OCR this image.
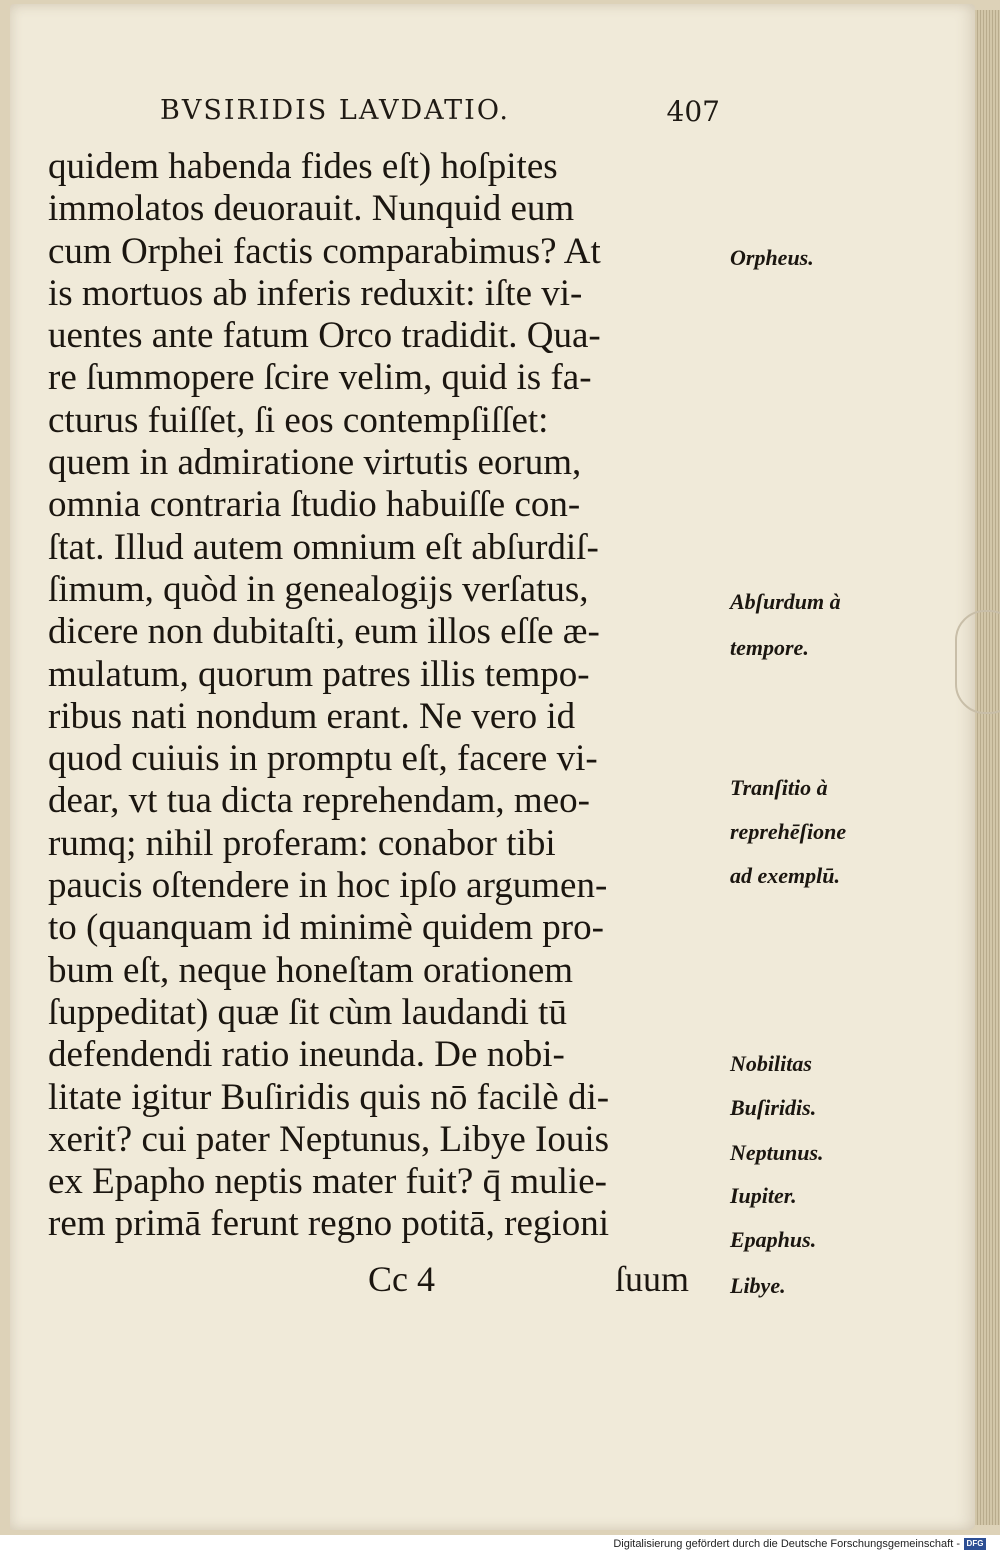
BVSIRIDIS LAVDATIO.	407
quidem habenda fides eſt) hoſpites
immolatos deuorauit. Nunquid eum
cum Orphei factis comparabimus? At
is mortuos ab inferis reduxit: iſte vi-
uentes ante fatum Orco tradidit. Qua-
re ſummopere ſcire velim, quid is fa-
cturus fuiſſet, ſi eos contempſiſſet:
quem in admiratione virtutis eorum,
omnia contraria ſtudio habuiſſe con-
ſtat. Illud autem omnium eſt abſurdiſ-
ſimum, quòd in genealogijs verſatus,
dicere non dubitaſti, eum illos eſſe æ-
mulatum, quorum patres illis tempo-
ribus nati nondum erant. Ne vero id
quod cuiuis in promptu eſt, facere vi-
dear, vt tua dicta reprehendam, meo-
rumq; nihil proferam: conabor tibi
paucis oſtendere in hoc ipſo argumen-
to (quanquam id minimè quidem pro-
bum eſt, neque honeſtam orationem
ſuppeditat) quæ ſit cùm laudandi tū
defendendi ratio ineunda. De nobi-
litate igitur Buſiridis quis nō facilè di-
xerit? cui pater Neptunus, Libye Iouis
ex Epapho neptis mater fuit? q̄ mulie-
rem primā ferunt regno potitā, regioni
Orpheus.
Abſurdum à
tempore.
Tranſitio à
reprehēſione
ad exemplū.
Nobilitas
Buſiridis.
Neptunus.
Iupiter.
Epaphus.
Libye.
Cc 4	ſuum
Digitalisierung gefördert durch die Deutsche Forschungsgemeinschaft - DFG
